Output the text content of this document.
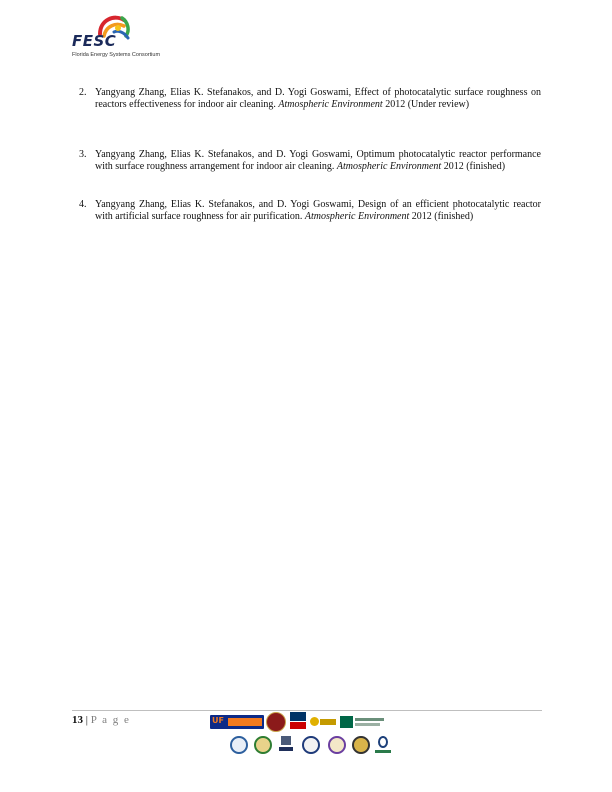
FESC
Florida Energy Systems Consortium
2. Yangyang Zhang, Elias K. Stefanakos, and D. Yogi Goswami, Effect of photocatalytic surface roughness on reactors effectiveness for indoor air cleaning. Atmospheric Environment 2012 (Under review)
3. Yangyang Zhang, Elias K. Stefanakos, and D. Yogi Goswami, Optimum photocatalytic reactor performance with surface roughness arrangement for indoor air cleaning. Atmospheric Environment 2012 (finished)
4. Yangyang Zhang, Elias K. Stefanakos, and D. Yogi Goswami, Design of an efficient photocatalytic reactor with artificial surface roughness for air purification. Atmospheric Environment 2012 (finished)
13 | P a g e	UF
